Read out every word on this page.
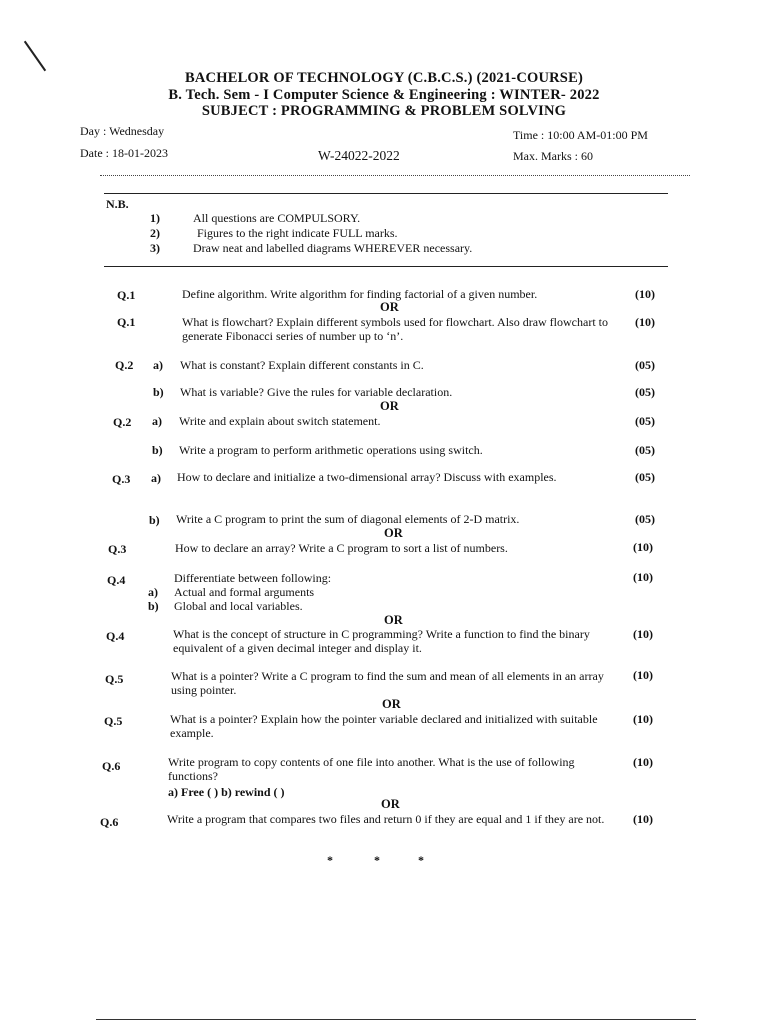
BACHELOR OF TECHNOLOGY (C.B.C.S.) (2021-COURSE)
B. Tech. Sem - I Computer Science & Engineering : WINTER- 2022
SUBJECT : PROGRAMMING & PROBLEM SOLVING
Day : Wednesday	Time : 10:00 AM-01:00 PM
Date : 18-01-2023	W-24022-2022	Max. Marks : 60
N.B.
1)	All questions are COMPULSORY.
2)	Figures to the right indicate FULL marks.
3)	Draw neat and labelled diagrams WHEREVER necessary.
Q.1	Define algorithm. Write algorithm for finding factorial of a given number.	(10)
OR
Q.1	What is flowchart? Explain different symbols used for flowchart. Also draw flowchart to generate Fibonacci series of number up to ‘n’.
(10)
Q.2 a) What is constant? Explain different constants in C.	(05)
b) What is variable? Give the rules for variable declaration.	(05)
OR
Q.2 a) Write and explain about switch statement.	(05)
b) Write a program to perform arithmetic operations using switch.	(05)
Q.3 a) How to declare and initialize a two-dimensional array? Discuss with examples.	(05)
b) Write a C program to print the sum of diagonal elements of 2-D matrix.	(05)
OR
Q.3	How to declare an array? Write a C program to sort a list of numbers.	(10)
Q.4	Differentiate between following:	(10)
a) Actual and formal arguments
b) Global and local variables.
OR
Q.4	What is the concept of structure in C programming? Write a function to find the binary equivalent of a given decimal integer and display it.
(10)
Q.5	What is a pointer? Write a C program to find the sum and mean of all elements in an array using pointer.
(10)
OR
Q.5	What is a pointer? Explain how the pointer variable declared and initialized with suitable example.
(10)
Q.6	Write program to copy contents of one file into another. What is the use of following functions?
(10)
a) Free ( ) b) rewind ( )
OR
Q.6	Write a program that compares two files and return 0 if they are equal and 1 if they are not.	(10)
*	*	*
